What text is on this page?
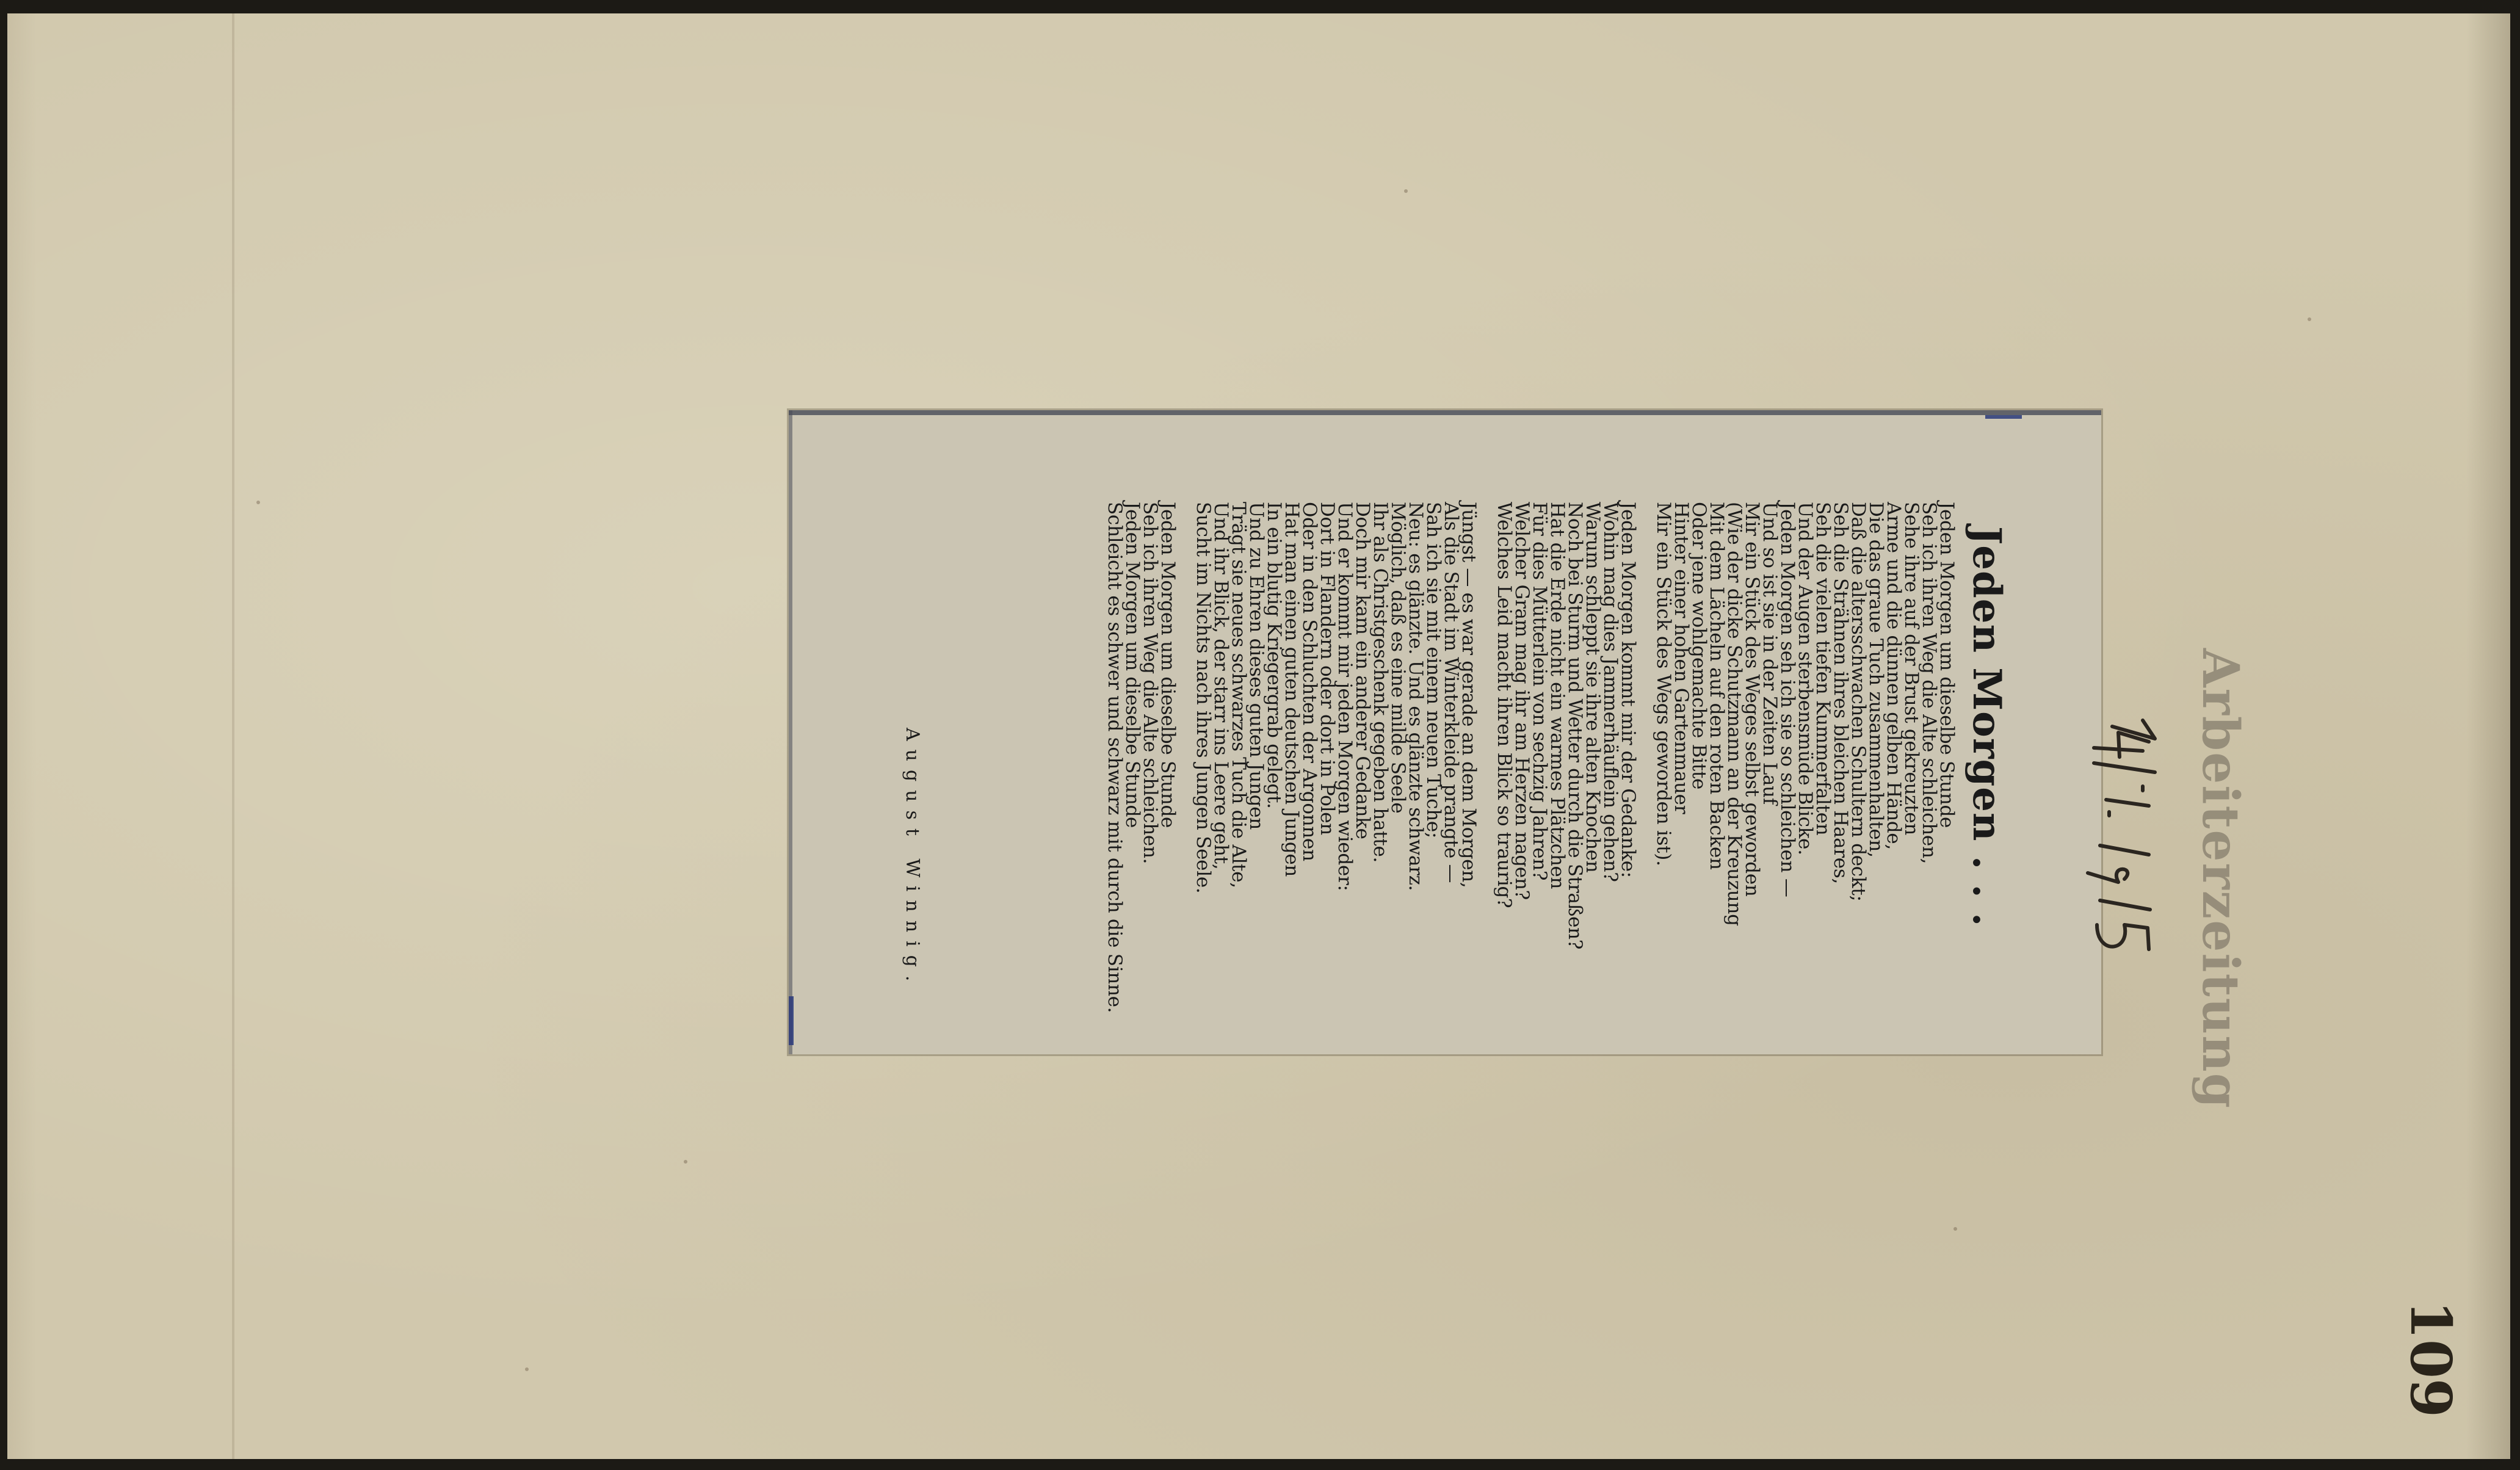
Jeden Morgen . . .
Jeden Morgen um dieselbe Stunde
Seh ich ihren Weg die Alte schleichen,
Sehe ihre auf der Brust gekreuzten
Arme und die dünnen gelben Hände,
Die das graue Tuch zusammenhalten,
Daß die altersschwachen Schultern deckt;
Seh die Strähnen ihres bleichen Haares,
Seh die vielen tiefen Kummerfalten
Und der Augen sterbensmüde Blicke.
Jeden Morgen seh ich sie so schleichen —
Und so ist sie in der Zeiten Lauf
Mir ein Stück des Weges selbst geworden
(Wie der dicke Schutzmann an der Kreuzung
Mit dem Lächeln auf den roten Backen
Oder jene wohlgemachte Bitte
Hinter einer hohen Gartenmauer
Mir ein Stück des Wegs geworden ist).
Jeden Morgen kommt mir der Gedanke:
Wohin mag dies Jammerhäuflein gehen?
Warum schleppt sie ihre alten Knochen
Noch bei Sturm und Wetter durch die Straßen?
Hat die Erde nicht ein warmes Plätzchen
Für dies Mütterlein von sechzig Jahren?
Welcher Gram mag ihr am Herzen nagen?
Welches Leid macht ihren Blick so traurig?
Jüngst — es war gerade an dem Morgen,
Als die Stadt im Winterkleide prangte —
Sah ich sie mit einem neuen Tuche;
Neu: es glänzte. Und es glänzte schwarz.
Möglich, daß es eine milde Seele
Ihr als Christgeschenk gegeben hatte.
Doch mir kam ein anderer Gedanke
Und er kommt mir jeden Morgen wieder:
Dort in Flandern oder dort in Polen
Oder in den Schluchten der Argonnen
Hat man einen guten deutschen Jungen
In ein blutig Kriegergrab gelegt.
Und zu Ehren dieses guten Jungen
Trägt sie neues schwarzes Tuch die Alte,
Und ihr Blick, der starr ins Leere geht,
Sucht im Nichts nach ihres Jungen Seele.
Jeden Morgen um dieselbe Stunde
Seh ich ihren Weg die Alte schleichen.
Jeden Morgen um dieselbe Stunde
Schleicht es schwer und schwarz mit durch die Sinne.
August Winnig.	Arbeiterzeitung
109
